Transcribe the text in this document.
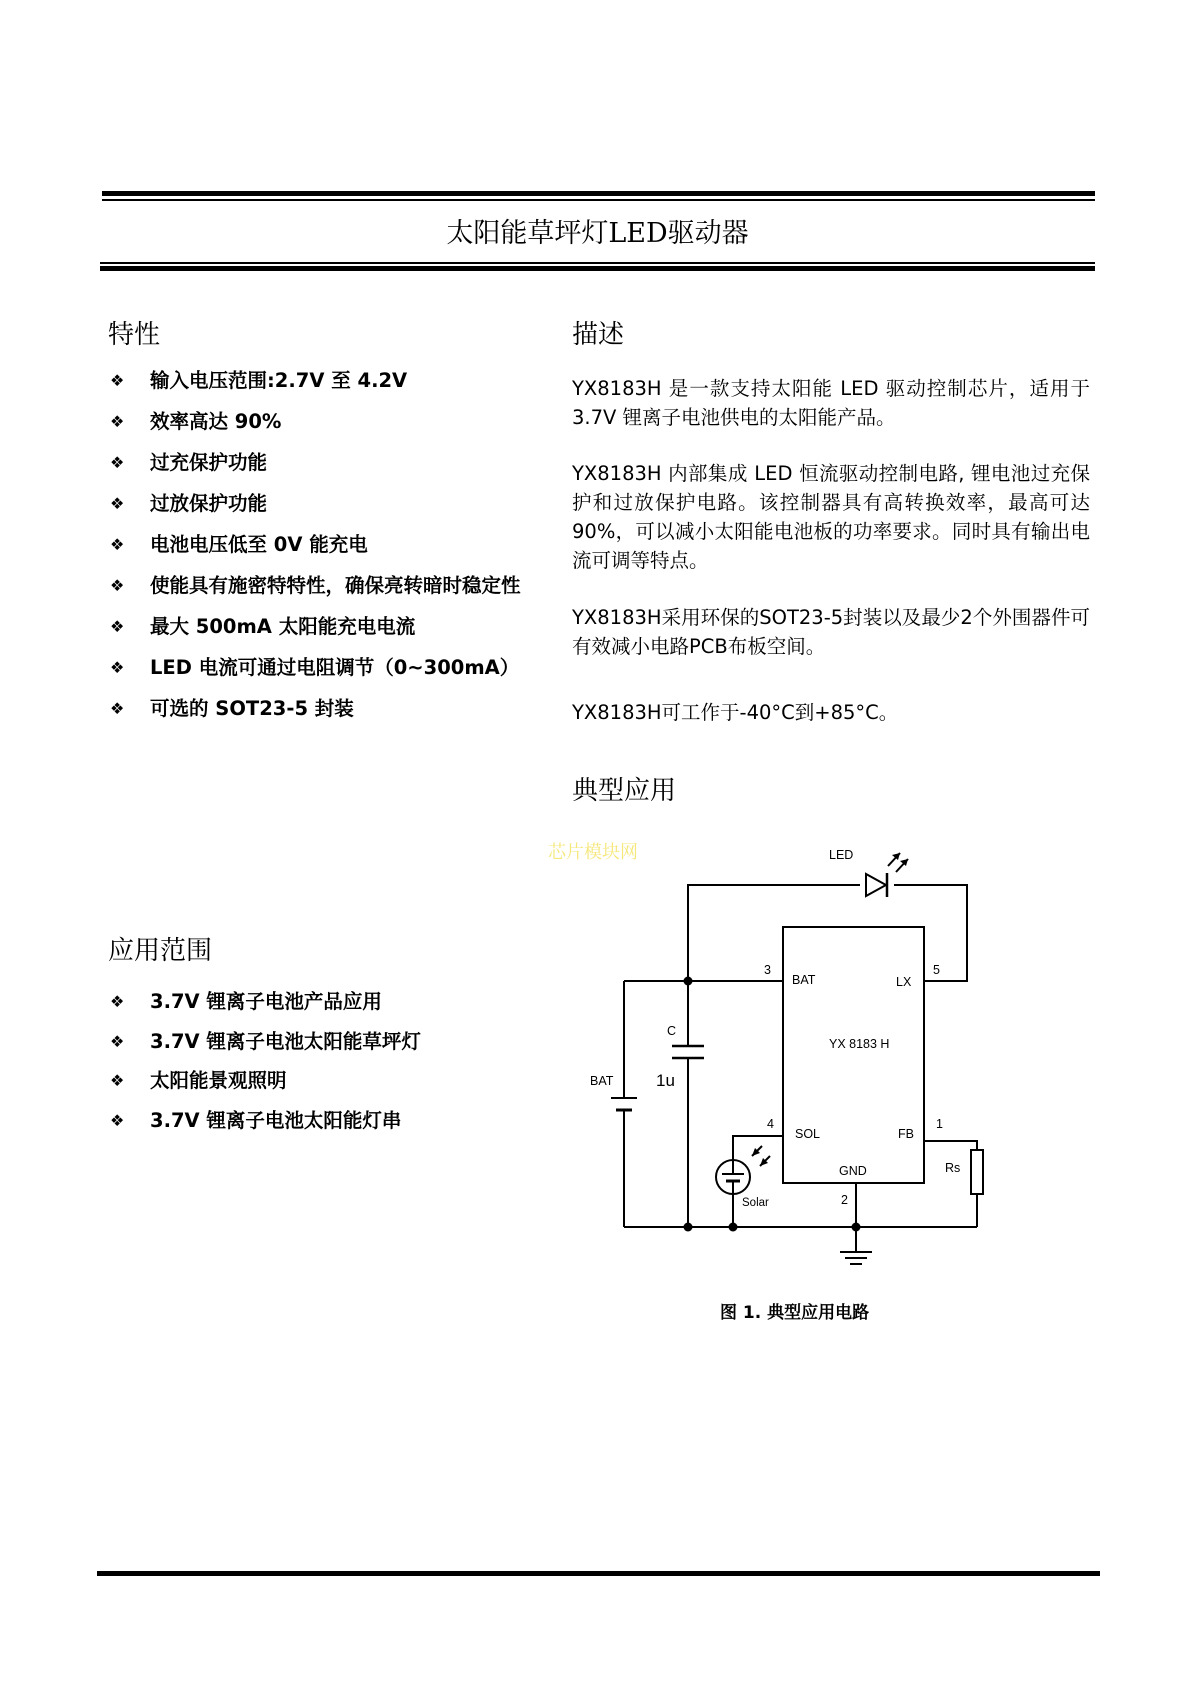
太阳能草坪灯LED驱动器
特性
❖ 输入电压范围:2.7V 至 4.2V
❖ 效率高达 90%
❖ 过充保护功能
❖ 过放保护功能
❖ 电池电压低至 0V 能充电
❖ 使能具有施密特特性，确保亮转暗时稳定性
❖ 最大 500mA 太阳能充电电流
❖ LED 电流可通过电阻调节（0~300mA）
❖ 可选的 SOT23-5 封装
应用范围
❖ 3.7V 锂离子电池产品应用
❖ 3.7V 锂离子电池太阳能草坪灯
❖ 太阳能景观照明
❖ 3.7V 锂离子电池太阳能灯串
描述

YX8183H 是一款支持太阳能 LED 驱动控制芯片，适用于 3.7V 锂离子电池供电的太阳能产品。

YX8183H 内部集成 LED 恒流驱动控制电路, 锂电池过充保护和过放保护电路。该控制器具有高转换效率，最高可达 90%，可以减小太阳能电池板的功率要求。同时具有输出电流可调等特点。

YX8183H采用环保的SOT23-5封装以及最少2个外围器件可有效减小电路PCB布板空间。

YX8183H可工作于-40°C到+85°C。

典型应用
芯片模块网	LED
3
BAT	LX
5
YX 8183 H
C
1u
BAT
4
SOL	FB
1
GND
2
Rs
Solar
图 1. 典型应用电路
